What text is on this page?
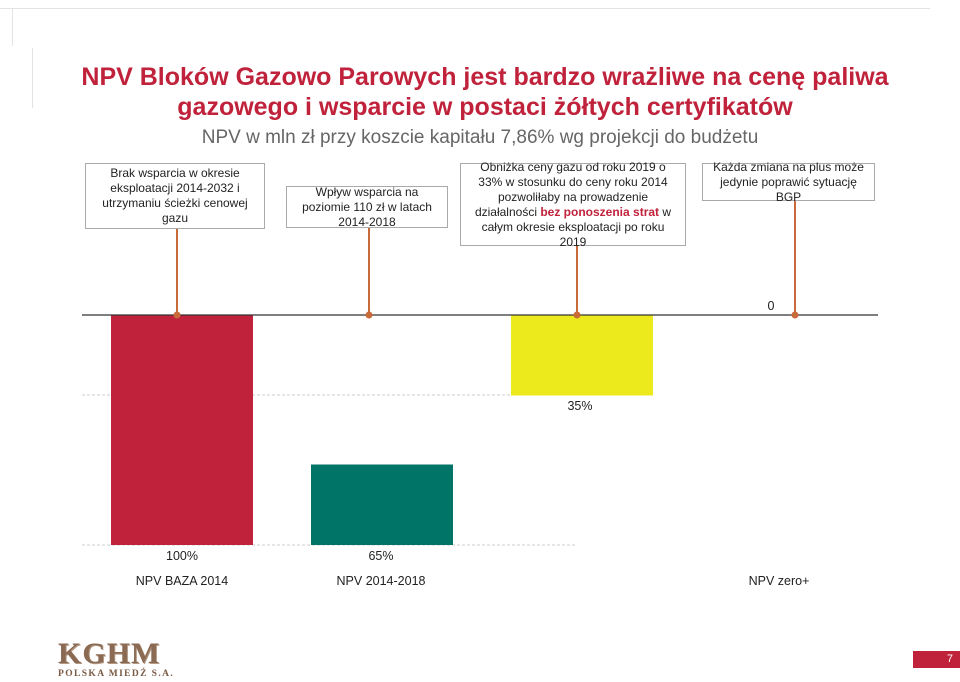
NPV Bloków Gazowo Parowych jest bardzo wrażliwe na cenę paliwa
gazowego i wsparcie w postaci żółtych certyfikatów

NPV w mln zł przy koszcie kapitału 7,86% wg projekcji do budżetu

Brak wsparcia w okresie eksploatacji 2014-2032 i utrzymaniu ścieżki cenowej gazu
Wpływ wsparcia na poziomie 110 zł w latach 2014-2018
Obniżka ceny gazu od roku 2019 o 33% w stosunku do ceny roku 2014 pozwoliłaby na prowadzenie działalności bez ponoszenia strat w całym okresie eksploatacji po roku 2019
Każda zmiana na plus może jedynie poprawić sytuację BGP
100%	65%
35%
0
NPV BAZA 2014	NPV 2014-2018	NPV zero+
KGHM
POLSKA MIEDŹ S.A.
7
